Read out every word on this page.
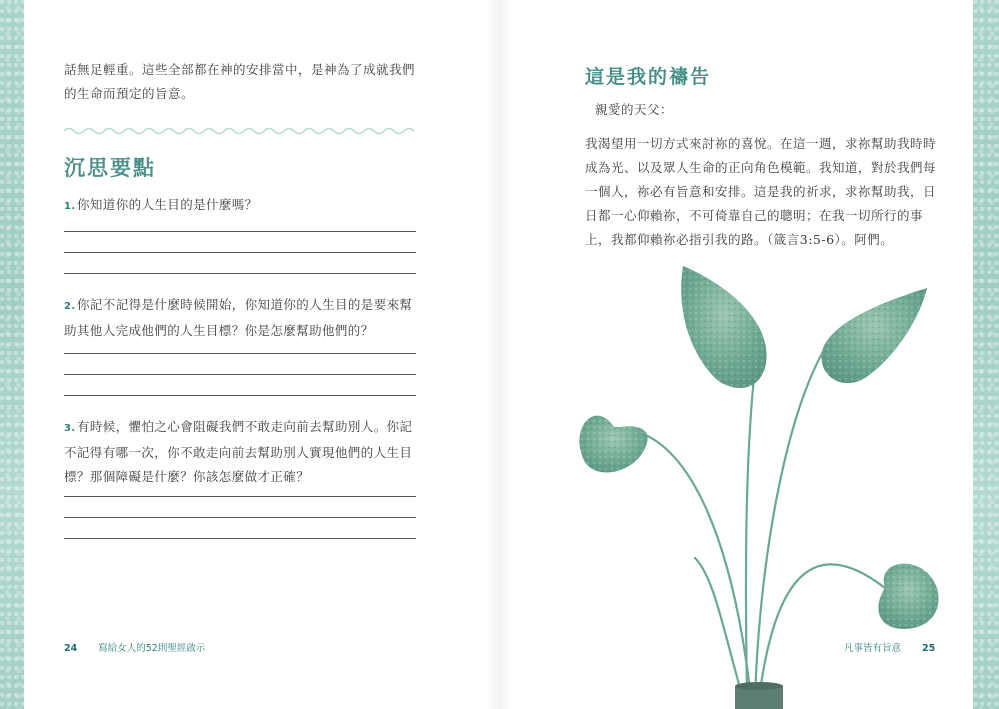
話無足輕重。這些全部都在神的安排當中，是神為了成就我們的生命而預定的旨意。
沉思要點
1.你知道你的人生目的是什麼嗎？
2.你記不記得是什麼時候開始，你知道你的人生目的是要來幫助其他人完成他們的人生目標？你是怎麼幫助他們的？
3.有時候，懼怕之心會阻礙我們不敢走向前去幫助別人。你記不記得有哪一次，你不敢走向前去幫助別人實現他們的人生目標？那個障礙是什麼？你該怎麼做才正確？
24 寫給女人的52則聖經啟示
這是我的禱告
親愛的天父：
我渴望用一切方式來討祢的喜悅。在這一週，求祢幫助我時時成為光、以及眾人生命的正向角色模範。我知道，對於我們每一個人，祢必有旨意和安排。這是我的祈求，求祢幫助我，日日都一心仰賴祢，不可倚靠自己的聰明；在我一切所行的事上，我都仰賴祢必指引我的路。（箴言3:5-6）。阿們。
凡事皆有旨意 25
